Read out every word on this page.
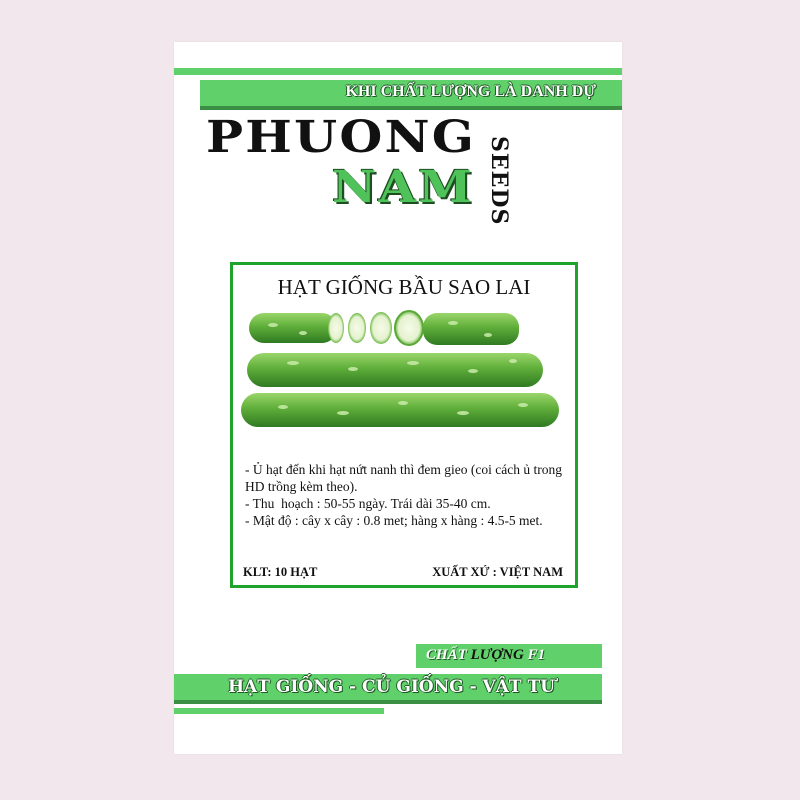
KHI CHẤT LƯỢNG LÀ DANH DỰ
PHUONG
NAM SEEDS
HẠT GIỐNG BẦU SAO LAI
- Ủ hạt đến khi hạt nứt nanh thì đem gieo (coi cách ủ trong HD trồng kèm theo).
- Thu  hoạch : 50-55 ngày. Trái dài 35-40 cm.
- Mật độ : cây x cây : 0.8 met; hàng x hàng : 4.5-5 met.
KLT: 10 HẠT	XUẤT XỨ : VIỆT NAM
CHẤT LƯỢNG F1
HẠT GIỐNG - CỦ GIỐNG - VẬT TƯ
